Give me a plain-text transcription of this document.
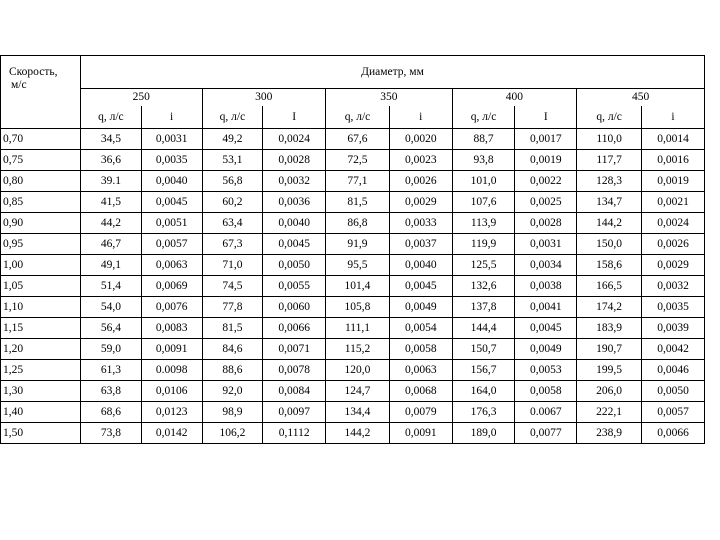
Скорость,
м/с	Диаметр, мм									
	250		300		350		400		450	
	q, л/с	i	q, л/с	I	q, л/с	i	q, л/с	I	q, л/с	i
0,70	34,5	0,0031	49,2	0,0024	67,6	0,0020	88,7	0,0017	110,0	0,0014
0,75	36,6	0,0035	53,1	0,0028	72,5	0,0023	93,8	0,0019	117,7	0,0016
0,80	39.1	0,0040	56,8	0,0032	77,1	0,0026	101,0	0,0022	128,3	0,0019
0,85	41,5	0,0045	60,2	0,0036	81,5	0,0029	107,6	0,0025	134,7	0,0021
0,90	44,2	0,0051	63,4	0,0040	86,8	0,0033	113,9	0,0028	144,2	0,0024
0,95	46,7	0,0057	67,3	0,0045	91,9	0,0037	119,9	0,0031	150,0	0,0026
1,00	49,1	0,0063	71,0	0,0050	95,5	0,0040	125,5	0,0034	158,6	0,0029
1,05	51,4	0,0069	74,5	0,0055	101,4	0,0045	132,6	0,0038	166,5	0,0032
1,10	54,0	0,0076	77,8	0,0060	105,8	0,0049	137,8	0,0041	174,2	0,0035
1,15	56,4	0,0083	81,5	0,0066	111,1	0,0054	144,4	0,0045	183,9	0,0039
1,20	59,0	0,0091	84,6	0,0071	115,2	0,0058	150,7	0,0049	190,7	0,0042
1,25	61,3	0.0098	88,6	0,0078	120,0	0,0063	156,7	0,0053	199,5	0,0046
1,30	63,8	0,0106	92,0	0,0084	124,7	0,0068	164,0	0,0058	206,0	0,0050
1,40	68,6	0,0123	98,9	0,0097	134,4	0,0079	176,3	0.0067	222,1	0,0057
1,50	73,8	0,0142	106,2	0,1112	144,2	0,0091	189,0	0,0077	238,9	0,0066
